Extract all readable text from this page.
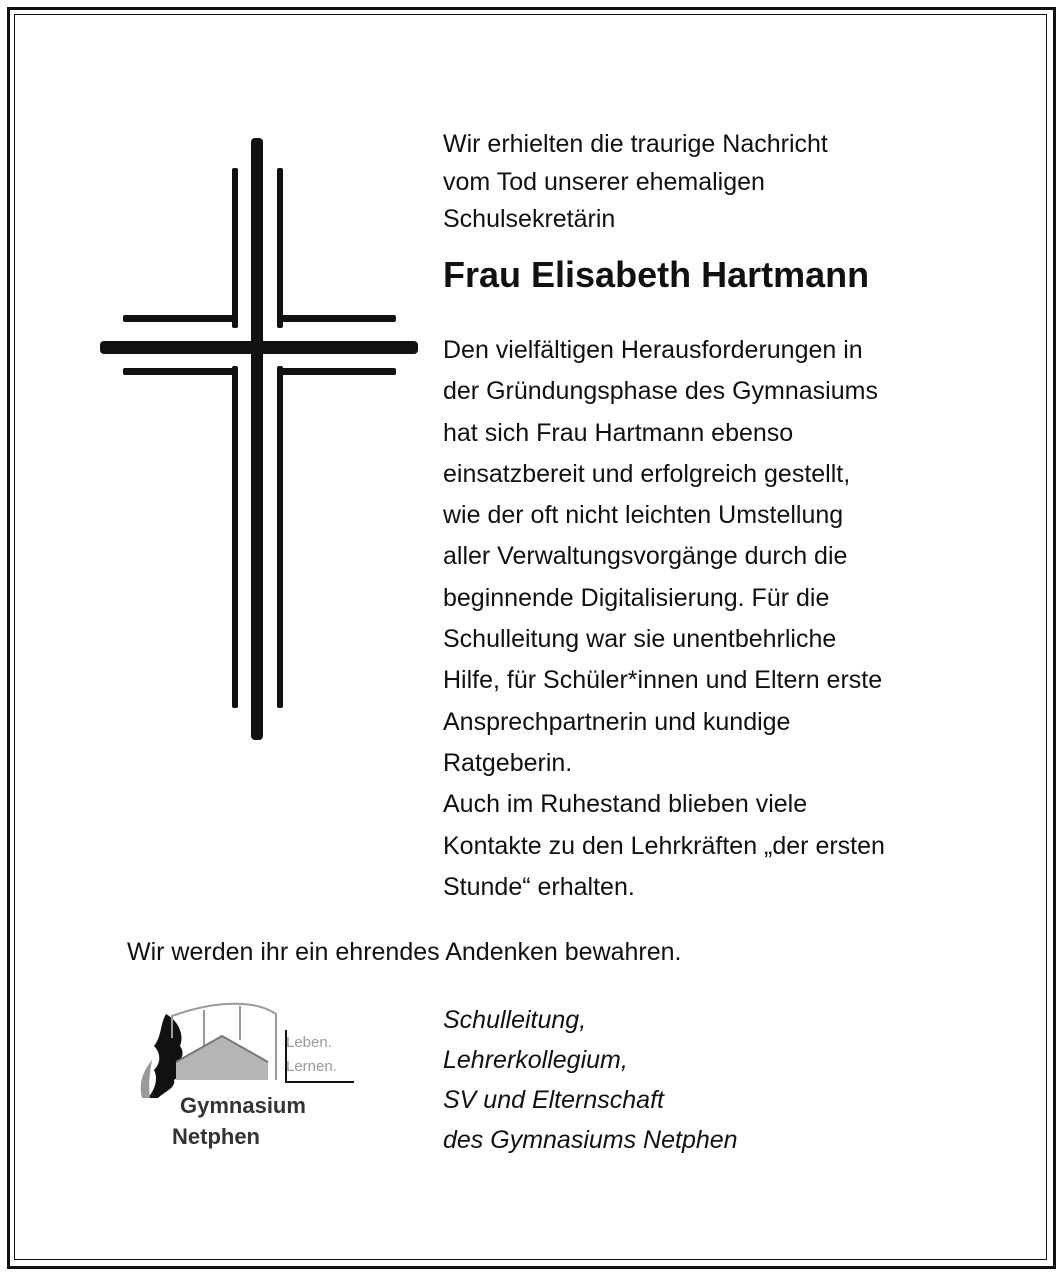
Wir erhielten die traurige Nachricht
vom Tod unserer ehemaligen
Schulsekretärin

Frau Elisabeth Hartmann

Den vielfältigen Herausforderungen in
der Gründungsphase des Gymnasiums
hat sich Frau Hartmann ebenso
einsatzbereit und erfolgreich gestellt,
wie der oft nicht leichten Umstellung
aller Verwaltungsvorgänge durch die
beginnende Digitalisierung. Für die
Schulleitung war sie unentbehrliche
Hilfe, für Schüler*innen und Eltern erste
Ansprechpartnerin und kundige
Ratgeberin.
Auch im Ruhestand blieben viele
Kontakte zu den Lehrkräften „der ersten
Stunde“ erhalten.

Wir werden ihr ein ehrendes Andenken bewahren.

Leben.
Lernen.
Gymnasium
Netphen

Schulleitung,
Lehrerkollegium,
SV und Elternschaft
des Gymnasiums Netphen
